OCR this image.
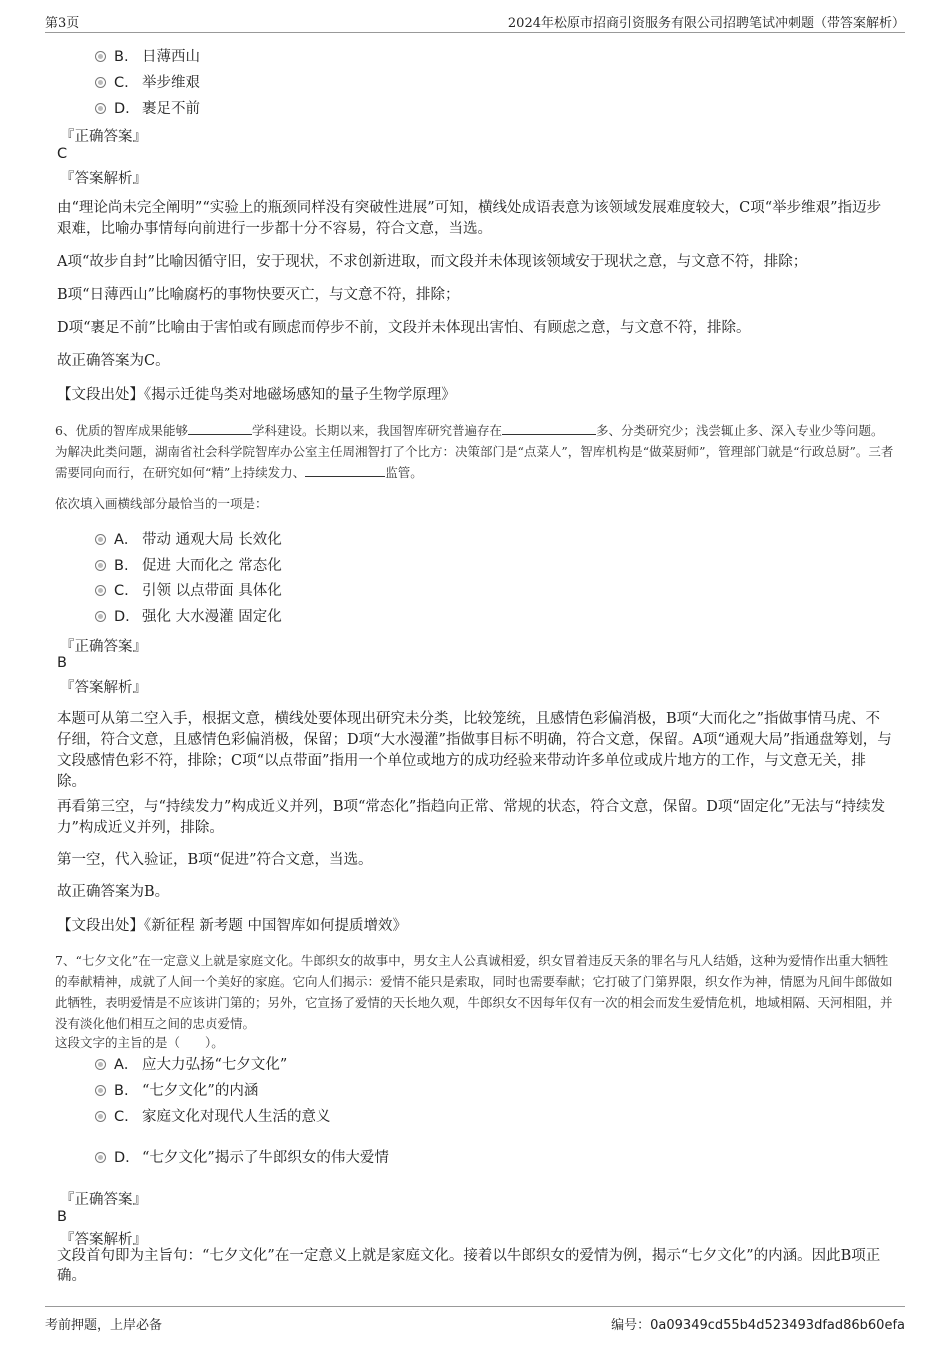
第3页	2024年松原市招商引资服务有限公司招聘笔试冲刺题（带答案解析）
B. 日薄西山
C. 举步维艰
D. 裹足不前
『正确答案』
C
『答案解析』
由“理论尚未完全阐明”“实验上的瓶颈同样没有突破性进展”可知，横线处成语表意为该领域发展难度较大，C项“举步维艰”指迈步艰难，比喻办事情每向前进行一步都十分不容易，符合文意，当选。
A项“故步自封”比喻因循守旧，安于现状，不求创新进取，而文段并未体现该领域安于现状之意，与文意不符，排除；
B项“日薄西山”比喻腐朽的事物快要灭亡，与文意不符，排除；
D项“裹足不前”比喻由于害怕或有顾虑而停步不前，文段并未体现出害怕、有顾虑之意，与文意不符，排除。
故正确答案为C。
【文段出处】《揭示迁徙鸟类对地磁场感知的量子生物学原理》
6、优质的智库成果能够	学科建设。长期以来，我国智库研究普遍存在	多、分类研究少；浅尝辄止多、深入专业少等问题。为解决此类问题，湖南省社会科学院智库办公室主任周湘智打了个比方：决策部门是“点菜人”，智库机构是“做菜厨师”，管理部门就是“行政总厨”。三者需要同向而行，在研究如何“精”上持续发力、	监管。
依次填入画横线部分最恰当的一项是：
A． 带动 通观大局 长效化
B. 促进 大而化之 常态化
C. 引领 以点带面 具体化
D. 强化 大水漫灌 固定化
『正确答案』
B
『答案解析』
本题可从第二空入手，根据文意，横线处要体现出研究未分类，比较笼统，且感情色彩偏消极，B项“大而化之”指做事情马虎、不仔细，符合文意，且感情色彩偏消极，保留；D项“大水漫灌”指做事目标不明确，符合文意，保留。A项“通观大局”指通盘筹划，与文段感情色彩不符，排除；C项“以点带面”指用一个单位或地方的成功经验来带动许多单位或成片地方的工作，与文意无关，排除。
再看第三空，与“持续发力”构成近义并列，B项“常态化”指趋向正常、常规的状态，符合文意，保留。D项“固定化”无法与“持续发力”构成近义并列，排除。
第一空，代入验证，B项“促进”符合文意，当选。
故正确答案为B。
【文段出处】《新征程 新考题 中国智库如何提质增效》
7、“七夕文化”在一定意义上就是家庭文化。牛郎织女的故事中，男女主人公真诚相爱，织女冒着违反天条的罪名与凡人结婚，这种为爱情作出重大牺牲的奉献精神，成就了人间一个美好的家庭。它向人们揭示：爱情不能只是索取，同时也需要奉献；它打破了门第界限，织女作为神，情愿为凡间牛郎做如此牺牲，表明爱情是不应该讲门第的；另外，它宣扬了爱情的天长地久观，牛郎织女不因每年仅有一次的相会而发生爱情危机，地域相隔、天河相阻，并没有淡化他们相互之间的忠贞爱情。
这段文字的主旨的是（　　）。
A． 应大力弘扬“七夕文化”
B. “七夕文化”的内涵
C. 家庭文化对现代人生活的意义
D. “七夕文化”揭示了牛郎织女的伟大爱情
『正确答案』
B
『答案解析』
文段首句即为主旨句：“七夕文化”在一定意义上就是家庭文化。接着以牛郎织女的爱情为例，揭示“七夕文化”的内涵。因此B项正确。
考前押题，上岸必备	编号：0a09349cd55b4d523493dfad86b60efa
